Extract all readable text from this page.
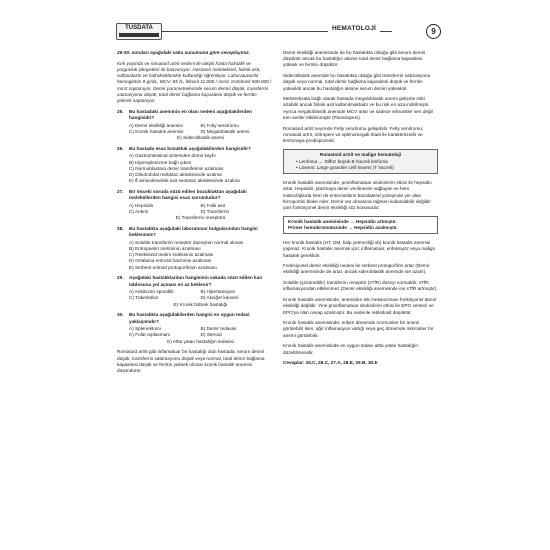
TUSDATA	HEMATOLOJİ	9

25-30. soruları aşağıdaki vaka sunumuna göre cevaplayınız.

Kırk yaşında ve romatoid artrit nedeni ile takipli hasta halsizlik ve yorgunluk şikayetleri ile başvuruyor. Hastanın melotekisel, folinik asit, sulfasalazin ve hidroksiklorokin kullandığı öğreniliyor. Laboratuvarda hemoglobin 9 gr/dL, MCV: 85 fL, lökosit 11.000 / mm3, trombosit 500.000 / mm3 saptanıyor. Demir parametrelerinde serum demiri düşük, transferrin satürasyonu düşük, total demir bağlama kapasitesi düşük ve ferritin yüksek saptanıyor.

25. Bu hastadaki aneminin en olası nedeni aşağıdakilerden hangisidir?
A) Demir eksikliği anemisi	B) Folty sendromu
C) Kronik hastalık anemisi	D) Megaloblastik anemi
E) Sideroblastik anemi
26. Bu hastada esas bozukluk aşağıdakilerden hangisidir?
A) Gastrointestinal sistemden demir kaybı
B) Hipersplenizme bağlı yıkım
C) Normoblastara demir transferinin azalması
D) Dihidrofolat redüktaz aktivitesinde azalma
E) ẟ aminolevulinik asit sentetaz aktivitesinde azalma
27. Bir önceki soruda sözü edilen bozukluktan aşağıdaki moleküllerden hangisi esas sorumludur?
A) Hepsidin	B) Folik asit
C) Ankrin	D) Transferrin
E) Transferrin reseptörü
28. Bu hastalıkta aşağıdaki laboratuvar bulgularından hangisi beklenmez?
A) Soluble transferrin reseptör düzeyinin normal olması
B) Eritropoetin üretiminin azalması
C) Retikülosit üretim indeksinin azalması
D) Ortalama eritrosit hacminin azalması
E) Serbest eritroid protoporfirinin azalması
29. Aşağıdaki hastalıklardan hangisinin vakada sözü edilen kan tablosuna yol açması en az beklenir?
A) Ankilozan spondilit	B) Hipertansiyon
C) Tüberküloz	D) Akciğer kanseri
E) Kronik böbrek hastalığı
30. Bu hastalıkta aşağıdakilerden hangisi en uygun tedavi yaklaşımıdır?
A) Splenektomi	B) Demir tedavisi
C) Folat replasmanı	D) Steroid
E) Altta yatan hastalığın tedavisi

Romatoid artrit gibi inflamatuar bir hastalığı olan hastada; serum demiri düşük, transferrin satürasyonu düşük veya normal, total demir bağlama kapasitesi düşük ve ferritin yüksek olması kronik hastalık anemisi düşündürür.

Demir eksikliği anemisinde de bu hastalıkta olduğu gibi serum demiri düşüktür ancak bu hastalığın aksine total demir bağlama kapasitesi yüksek ve ferritin düşüktür.

Sideroblastik anemide bu hastalıkta olduğu gibi transferrin satürasyonu düşük veya normal, total demir bağlama kapasitesi düşük ve ferritin yüksektir ancak bu hastalığın aksine serum demiri yüksektir.

Metotreksata bağlı olarak hastada megaloblastik anemi gelişme riski artabilir ancak folinik asit kullanılmaktadır ve bu risk en aza indirilmiştir. Ayrıca megaloblastik anemide MCV artar ve sadece eritrositler sen değil tüm seriler etkilenmiştir (Pansitopeni).

Romatoid artrit seyrinde Felty sendromu gelişebilir. Felty sendromu; romatoid artrit, nötropeni ve splenomegali triadı ile karakterizedir ve lenfomaya predispozedir.

Romatoid artrit ve malign hematoloji
• Lenfoma → Diffüz büyük B hücreli lenfoma
• Lösemi: Large granüler celli lösemi (T hücreli)

Kronik hastalık anemisinde; proinflamatuar sitokinlerin etkisi ile hepsidin artar. Hepsidin, plazmaya demir verilmesini sağlayan ve hem makrofajlarda hem de enterositlerin bazolateral yüzeyinde yer alan ferroportini bloke eder. Demir var olmasına rağmen kullanılabilir değildir yani fonksiyonel demir eksikliği söz konusudur.

Kronik hastalık anemisinde → Hepsidin artmıştır.
Primer hemokromatozisde → Hepsidin azalmıştır.

Her kronik hastalık (HT, DM, kalp yetmezliği vb) kronik hastalık anemisi yapmaz. Kronik hastalık anemisi için; inflamatuar, enfeksiyöz veya malign hastalık gereklidir.

Fonksiyonel demir eksikliği nedeni ile serbest protoporfirin artar (Demir eksikliği anemisinde de artar, ancak sideroblastik anemide ise azalır).

Soluble (çözünebilir) transferrin reseptör (sTfR) düzeyi normaldir. sTfR, inflamasyondan etkilenmez (Demir eksikliği anemisinde ise sTfR artmıştır).

Kronik hastalık anemisinde, anemiden tek mekanizması fonksiyonel demir eksikliği değildir. Yine proinflamatuar sitokinlerin etkisi ile EPO sentezi ve EPO'ya olan cevap azalmıştır. Bu nedenle retikülosit düşüktür.

Kronik hastalık anemisinde; eriken dönemde normositer bir anemi görülebilir iken, ağır inflamasyon varlığı veya geç dönemde mikrositer bir anemi görülebilir.

Kronik hastalık anemisinde en uygun tedavi altta yatan hastalığın düzeltilmesidir.

Cevaplar: 25.C, 26.C, 27.A, 28.E, 29.B, 30.E
